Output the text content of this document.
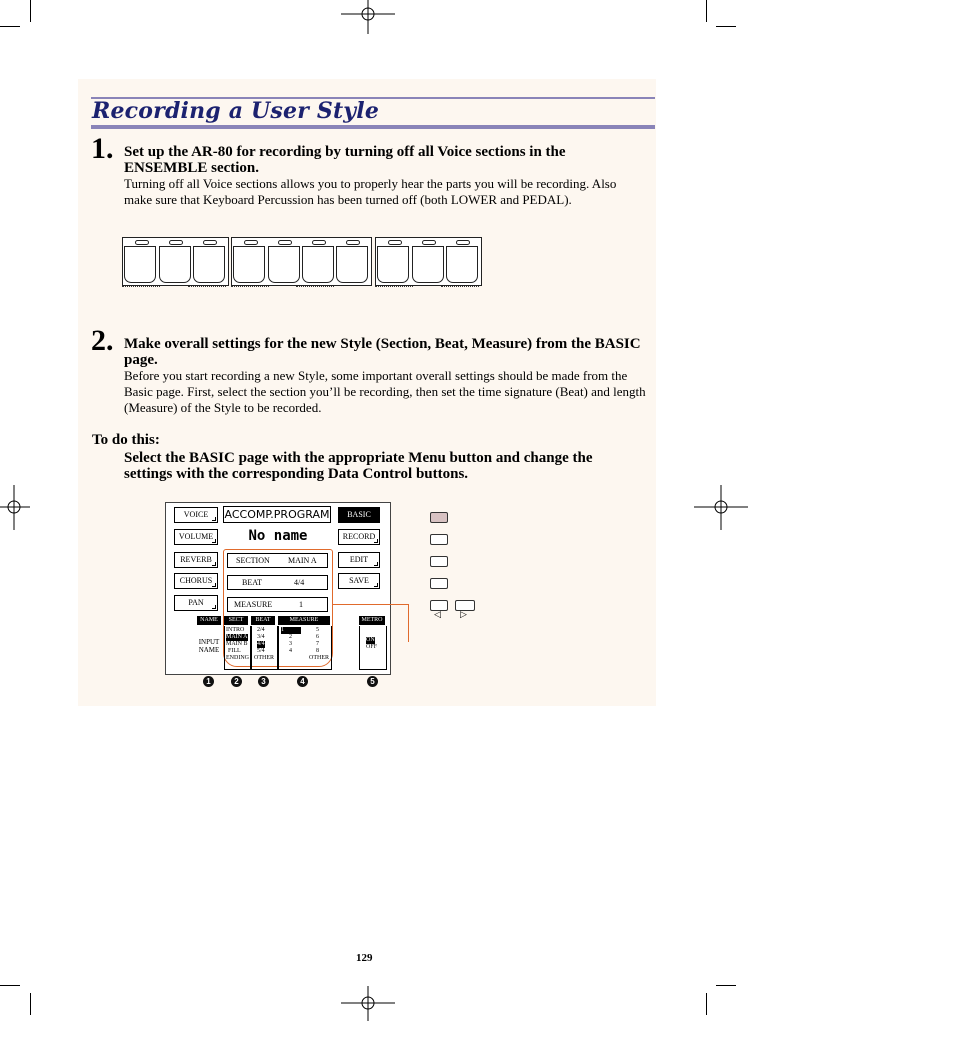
Recording a User Style
1. Set up the AR-80 for recording by turning off all Voice sections in the ENSEMBLE section.
Turning off all Voice sections allows you to properly hear the parts you will be recording. Also make sure that Keyboard Percussion has been turned off (both LOWER and PEDAL).
2. Make overall settings for the new Style (Section, Beat, Measure) from the BASIC page.
Before you start recording a new Style, some important overall settings should be made from the Basic page. First, select the section you’ll be recording, then set the time signature (Beat) and length (Measure) of the Style to be recorded.
To do this:
Select the BASIC page with the appropriate Menu button and change the settings with the corresponding Data Control buttons.
VOICE
VOLUME
REVERB
CHORUS
PAN
ACCOMP.PROGRAM
No name
BASIC
RECORD
EDIT
SAVE
SECTION MAIN A
BEAT	4/4
MEASURE	1
NAME	SECT	BEAT	MEASURE	METRO
INPUT
NAME
INTRO
MAIN A
MAIN B
FILL
ENDING
2/4
3/4
4/4
5/4
OTHER
1
2
3
4
5
6
7
8
OTHER
ON
OFF
1	2	3	4	5
◁ ▷
129
